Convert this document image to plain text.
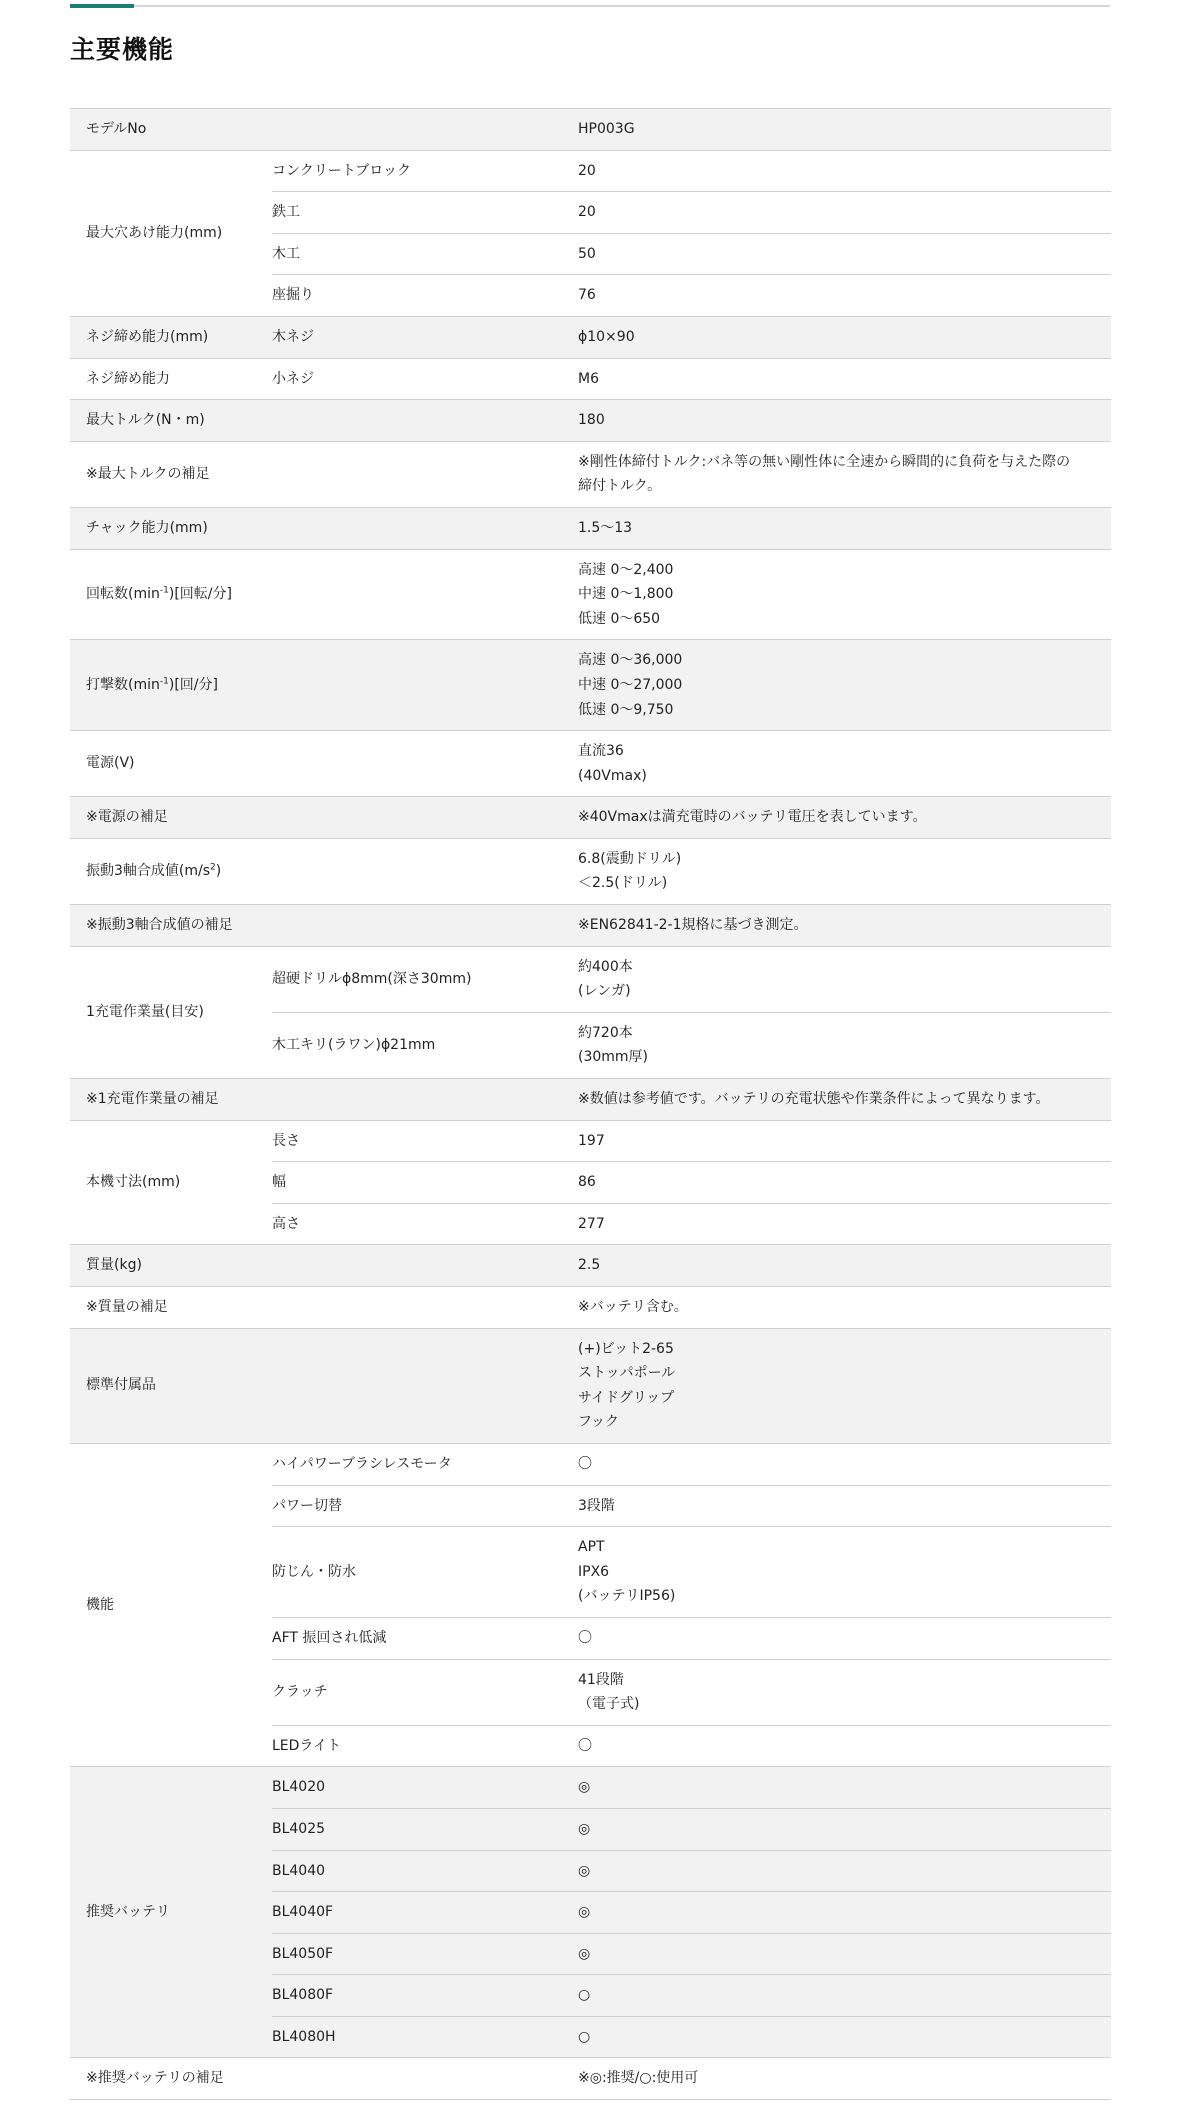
主要機能
モデルNo		HP003G

最大穴あけ能力(mm)	コンクリートブロック	20

	鉄工	20

	木工	50

	座掘り	76

ネジ締め能力(mm)	木ネジ	ϕ10×90

ネジ締め能力	小ネジ	M6

最大トルク(N・m)		180

※最大トルクの補足		※剛性体締付トルク:バネ等の無い剛性体に全速から瞬間的に負荷を与えた際の
締付トルク。

チャック能力(mm)		1.5〜13

回転数$(\min^{-1})$[回転/分]		高速 0〜2,400
中速 0〜1,800
低速 0〜650

打撃数$(\min^{-1})$[回/分]		高速 0〜36,000
中速 0〜27,000
低速 0〜9,750

電源(V)		直流36
(40Vmax)

※電源の補足		※40Vmaxは満充電時のバッテリ電圧を表しています。

振動3軸合成値$(m/s^2)$		6.8(震動ドリル)
＜2.5(ドリル)

※振動3軸合成値の補足		※EN62841-2-1規格に基づき測定。

1充電作業量(目安)	超硬ドリルϕ8mm(深さ30mm)	約400本
(レンガ)

	木工キリ(ラワン)ϕ21mm	約720本
(30mm厚)

※1充電作業量の補足		※数値は参考値です。バッテリの充電状態や作業条件によって異なります。

本機寸法(mm)	長さ	197

	幅	86

	高さ	277

質量(kg)		2.5

※質量の補足		※バッテリ含む。

標準付属品		(+)ビット2-65
ストッパポール
サイドグリップ
フック

機能	ハイパワーブラシレスモータ	〇

	パワー切替	3段階

	防じん・防水	APT
IPX6
(バッテリIP56)

	AFT 振回され低減	〇

	クラッチ	41段階
（電子式)

	LEDライト	〇

推奨バッテリ	BL4020	◎

	BL4025	◎

	BL4040	◎

	BL4040F	◎

	BL4050F	◎

	BL4080F	○

	BL4080H	○

※推奨バッテリの補足		※◎:推奨/○:使用可
